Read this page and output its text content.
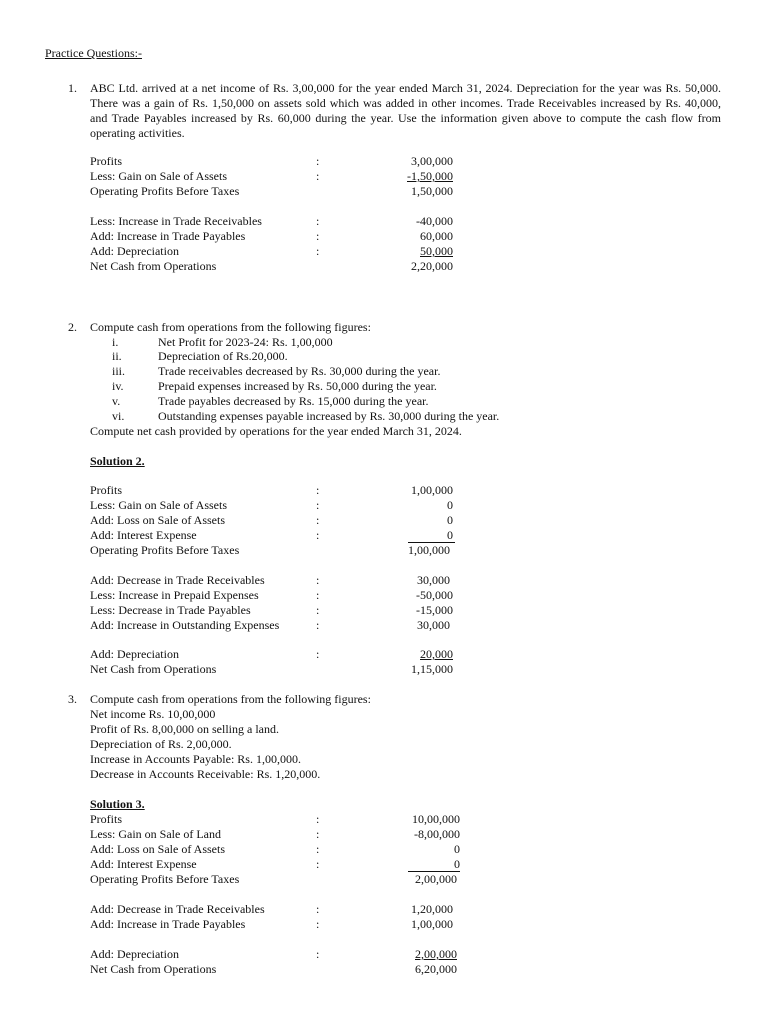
Practice Questions:-
1. ABC Ltd. arrived at a net income of Rs. 3,00,000 for the year ended March 31, 2024. Depreciation for the year was Rs. 50,000. There was a gain of Rs. 1,50,000 on assets sold which was added in other incomes. Trade Receivables increased by Rs. 40,000, and Trade Payables increased by Rs. 60,000 during the year. Use the information given above to compute the cash flow from operating activities.
Profits	:	3,00,000
Less: Gain on Sale of Assets	:	-1,50,000
Operating Profits Before Taxes	1,50,000
Less: Increase in Trade Receivables	:	-40,000
Add: Increase in Trade Payables	:	60,000
Add: Depreciation	:	50,000
Net Cash from Operations	2,20,000
2. Compute cash from operations from the following figures:
i.	Net Profit for 2023-24: Rs. 1,00,000
ii.	Depreciation of Rs.20,000.
iii.	Trade receivables decreased by Rs. 30,000 during the year.
iv.	Prepaid expenses increased by Rs. 50,000 during the year.
v.	Trade payables decreased by Rs. 15,000 during the year.
vi.	Outstanding expenses payable increased by Rs. 30,000 during the year.
Compute net cash provided by operations for the year ended March 31, 2024.
Solution 2.
Profits	:	1,00,000
Less: Gain on Sale of Assets	:	0
Add: Loss on Sale of Assets	:	0
Add: Interest Expense	:	0
Operating Profits Before Taxes	1,00,000
Add: Decrease in Trade Receivables	:	30,000
Less: Increase in Prepaid Expenses	:	-50,000
Less: Decrease in Trade Payables	:	-15,000
Add: Increase in Outstanding Expenses	:	30,000
Add: Depreciation	:	20,000
Net Cash from Operations	1,15,000
3. Compute cash from operations from the following figures:
Net income Rs. 10,00,000
Profit of Rs. 8,00,000 on selling a land.
Depreciation of Rs. 2,00,000.
Increase in Accounts Payable: Rs. 1,00,000.
Decrease in Accounts Receivable: Rs. 1,20,000.
Solution 3.
Profits	:	10,00,000
Less: Gain on Sale of Land	:	-8,00,000
Add: Loss on Sale of Assets	:	0
Add: Interest Expense	:	0
Operating Profits Before Taxes	2,00,000
Add: Decrease in Trade Receivables	:	1,20,000
Add: Increase in Trade Payables	:	1,00,000
Add: Depreciation	:	2,00,000
Net Cash from Operations	6,20,000
